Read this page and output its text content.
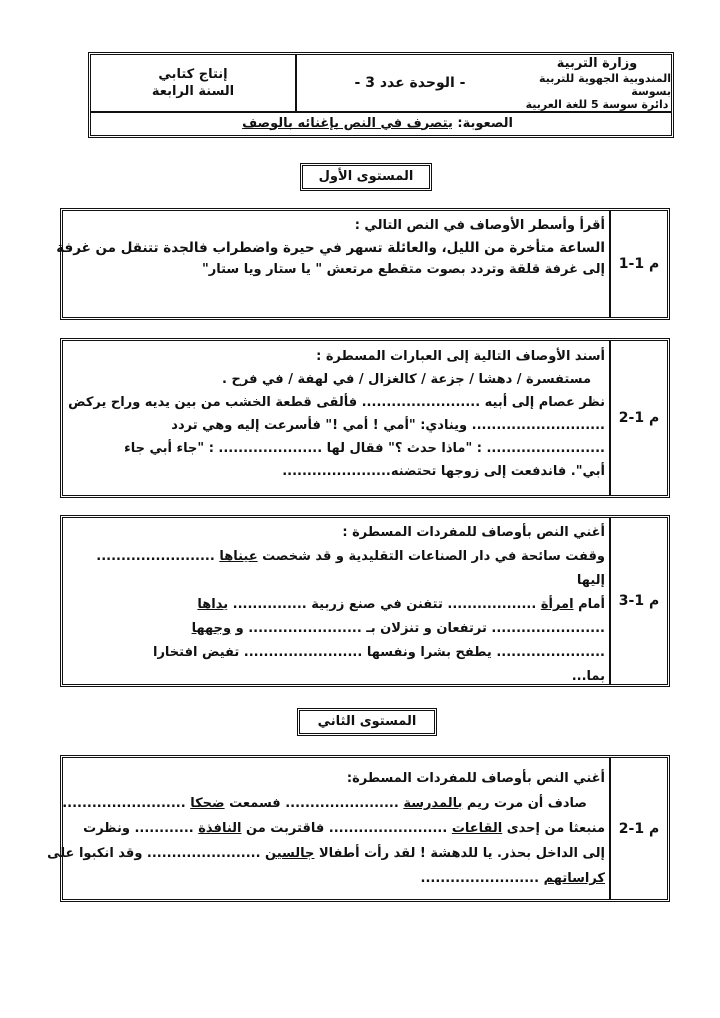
وزارة التربية
المندوبية الجهوية للتربية بسوسة
دائرة سوسة 5 للغة العربية
- الوحدة عدد 3 -
إنتاج كتابي
السنة الرابعة
الصعوبة:

يتصرف في النص بإغنائه بالوصف
المستوى الأول
م 1-1
أقرأ وأسطر الأوصاف في النص التالي :
الساعة متأخرة من الليل، والعائلة تسهر في حيرة واضطراب فالجدة تتنقل من غرفة
إلى غرفة قلقة وتردد بصوت متقطع مرتعش " يا ستار ويا ستار"
م 1-2
أسند الأوصاف التالية إلى العبارات المسطرة :
مستفسرة / دهشا / جزعة / كالغزال / في لهفة / في فرح .
نظر عصام إلى أبيه ........................ فألقى قطعة الخشب من بين يديه وراح يركض
........................... وينادي: "أمي ! أمي !" فأسرعت إليه وهي تردد
........................ : "ماذا حدث ؟" فقال لها ..................... : "جاء أبي جاء
أبي". فاندفعت إلى زوجها تحتضنه......................
م 1-3
أغني النص بأوصاف للمفردات المسطرة :
وقفت سائحة في دار الصناعات التقليدية و قد شخصت عيناها ........................
إليها
أمام امرأة .................. تتفنن في صنع زربية ............... يداها
....................... ترتفعان و تنزلان بـ ....................... و وجهها
...................... يطفح بشرا ونفسها ........................ تفيض افتخارا
بما...
المستوى الثاني
م 1-2
أغني النص بأوصاف للمفردات المسطرة:
صادف أن مرت ريم بالمدرسة ....................... فسمعت ضحكا .........................
منبعثا من إحدى القاعات ........................ فاقتربت من النافذة ............ ونظرت
إلى الداخل بحذر. يا للدهشة ! لقد رأت أطفالا جالسين ....................... وقد انكبوا على
كراساتهم ........................
